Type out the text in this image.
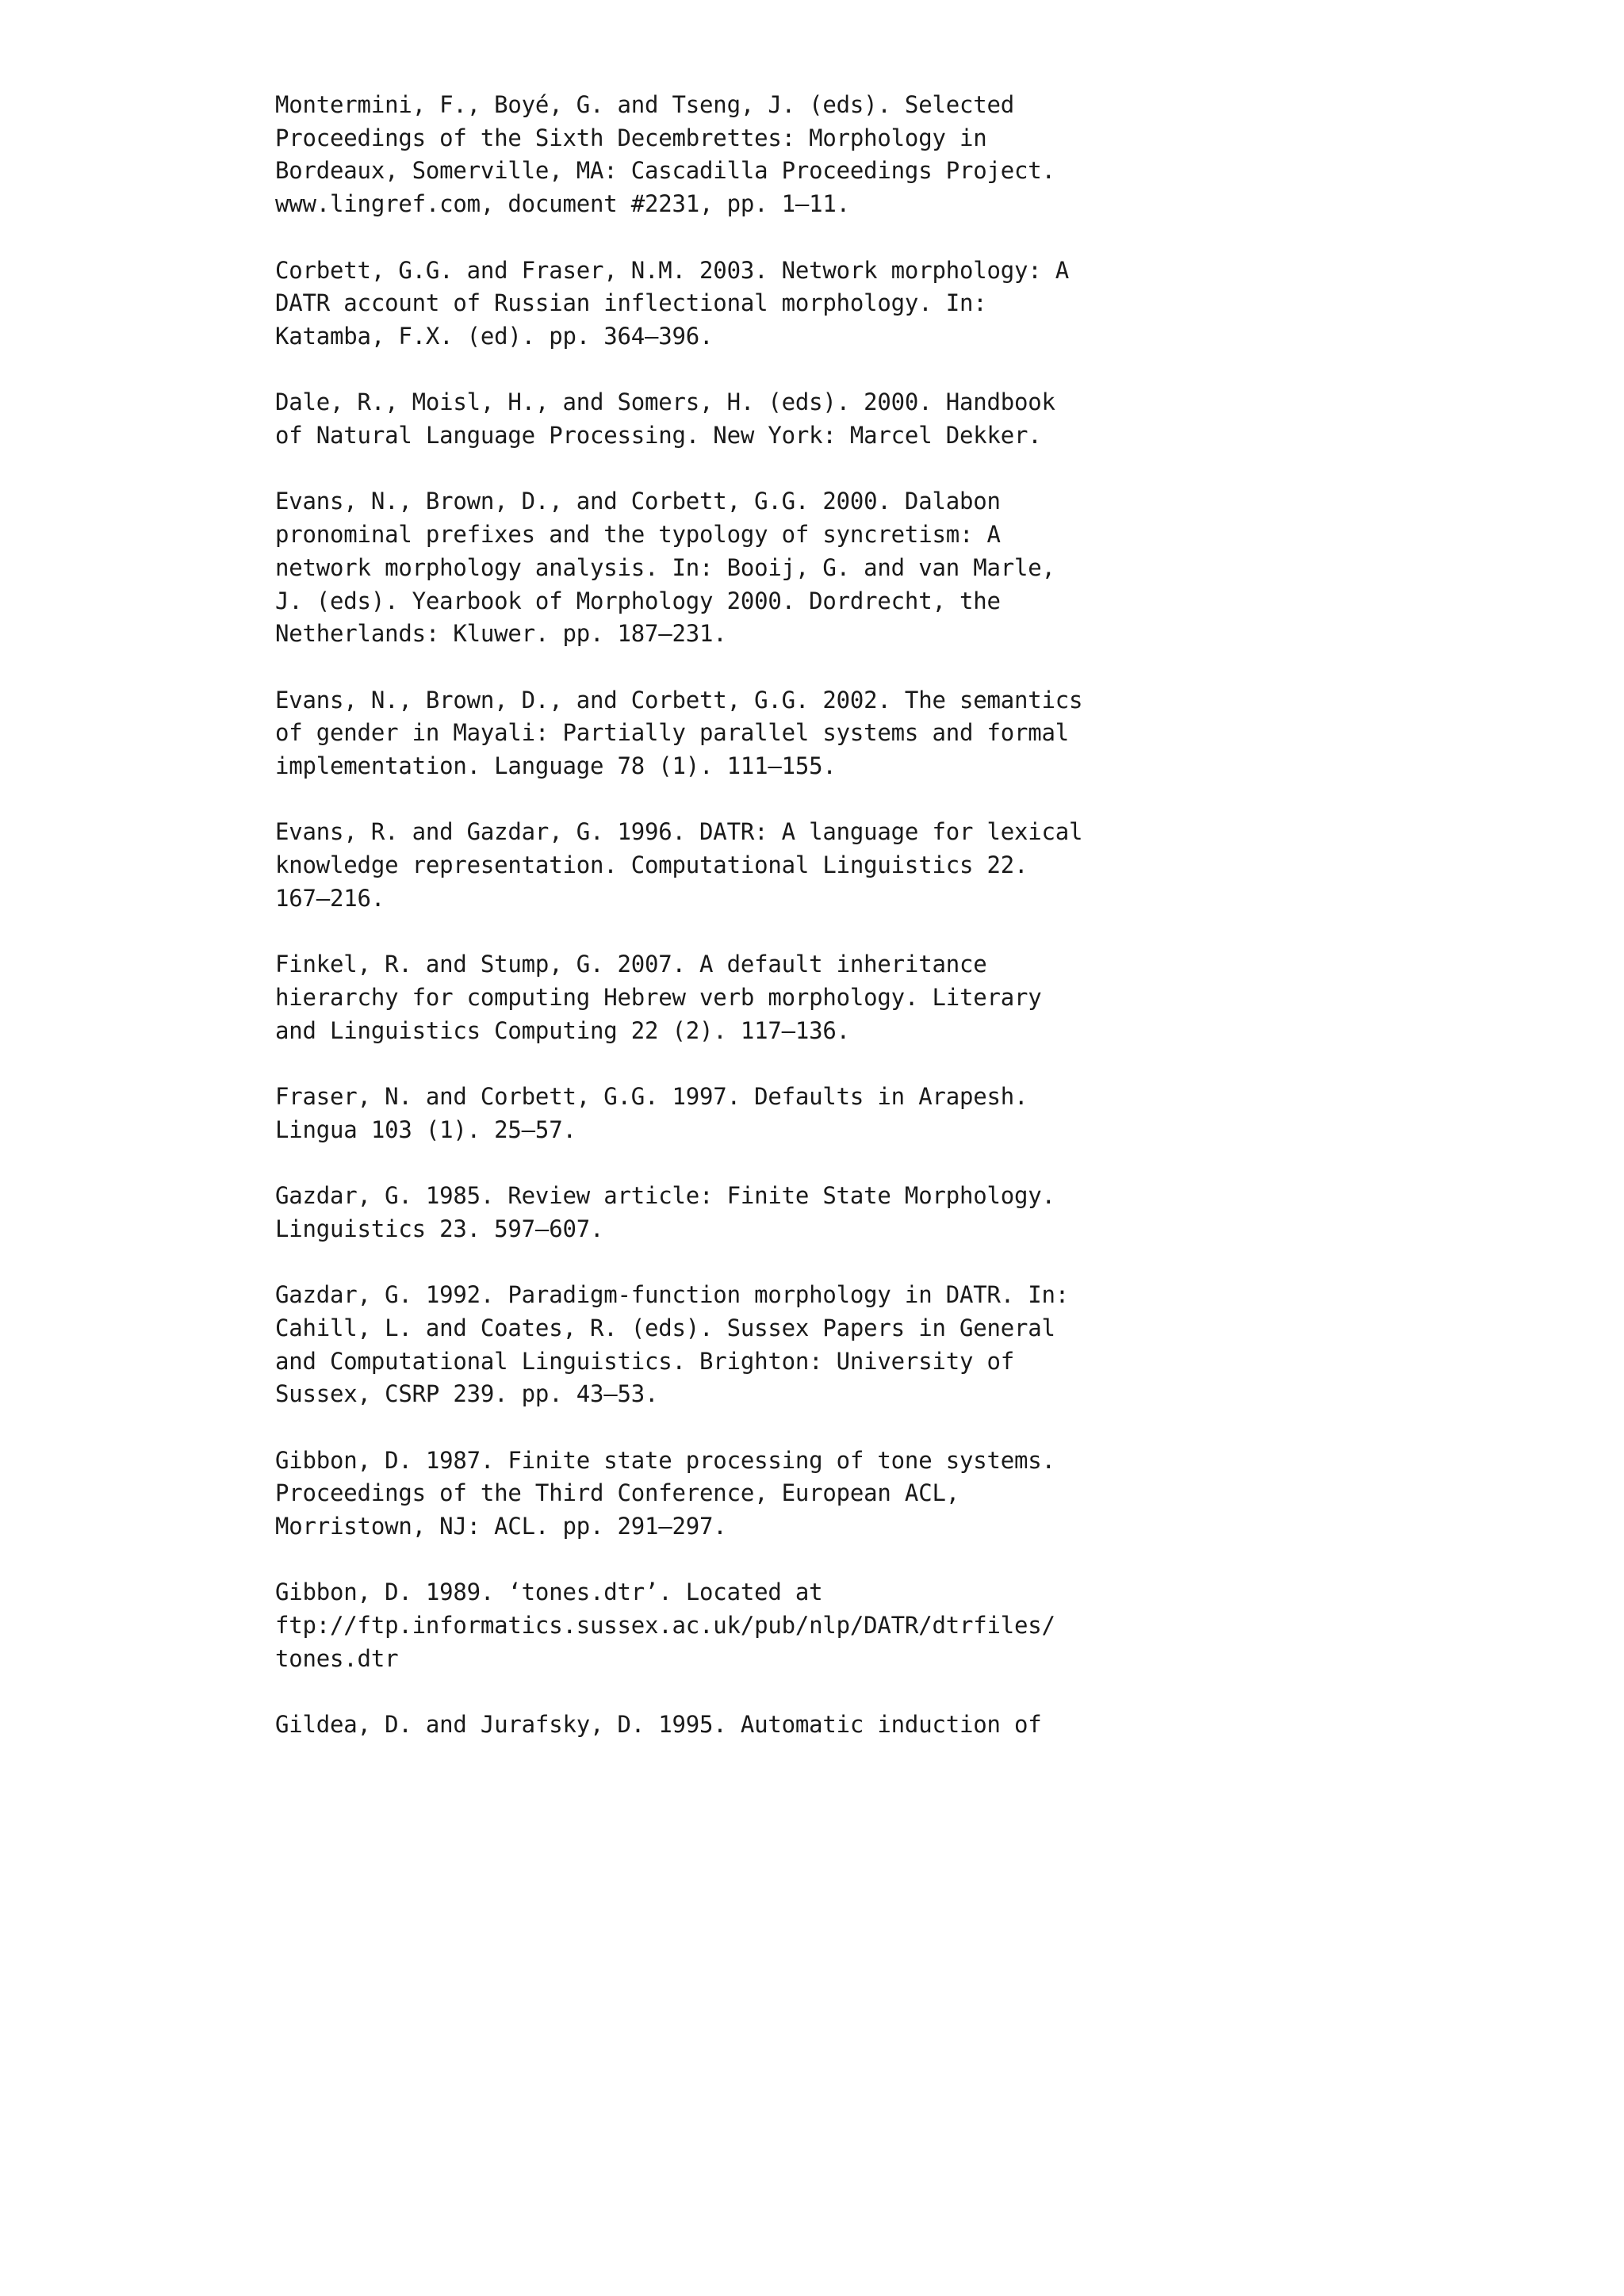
Montermini, F., Boyé, G. and Tseng, J. (eds). Selected
Proceedings of the Sixth Decembrettes: Morphology in
Bordeaux, Somerville, MA: Cascadilla Proceedings Project.
www.lingref.com, document #2231, pp. 1–11.
Corbett, G.G. and Fraser, N.M. 2003. Network morphology: A
DATR account of Russian inflectional morphology. In:
Katamba, F.X. (ed). pp. 364–396.
Dale, R., Moisl, H., and Somers, H. (eds). 2000. Handbook
of Natural Language Processing. New York: Marcel Dekker.
Evans, N., Brown, D., and Corbett, G.G. 2000. Dalabon
pronominal prefixes and the typology of syncretism: A
network morphology analysis. In: Booij, G. and van Marle,
J. (eds). Yearbook of Morphology 2000. Dordrecht, the
Netherlands: Kluwer. pp. 187–231.
Evans, N., Brown, D., and Corbett, G.G. 2002. The semantics
of gender in Mayali: Partially parallel systems and formal
implementation. Language 78 (1). 111–155.
Evans, R. and Gazdar, G. 1996. DATR: A language for lexical
knowledge representation. Computational Linguistics 22.
167–216.
Finkel, R. and Stump, G. 2007. A default inheritance
hierarchy for computing Hebrew verb morphology. Literary
and Linguistics Computing 22 (2). 117–136.
Fraser, N. and Corbett, G.G. 1997. Defaults in Arapesh.
Lingua 103 (1). 25–57.
Gazdar, G. 1985. Review article: Finite State Morphology.
Linguistics 23. 597–607.
Gazdar, G. 1992. Paradigm-function morphology in DATR. In:
Cahill, L. and Coates, R. (eds). Sussex Papers in General
and Computational Linguistics. Brighton: University of
Sussex, CSRP 239. pp. 43–53.
Gibbon, D. 1987. Finite state processing of tone systems.
Proceedings of the Third Conference, European ACL,
Morristown, NJ: ACL. pp. 291–297.
Gibbon, D. 1989. ‘tones.dtr’. Located at
ftp://ftp.informatics.sussex.ac.uk/pub/nlp/DATR/dtrfiles/
tones.dtr
Gildea, D. and Jurafsky, D. 1995. Automatic induction of
